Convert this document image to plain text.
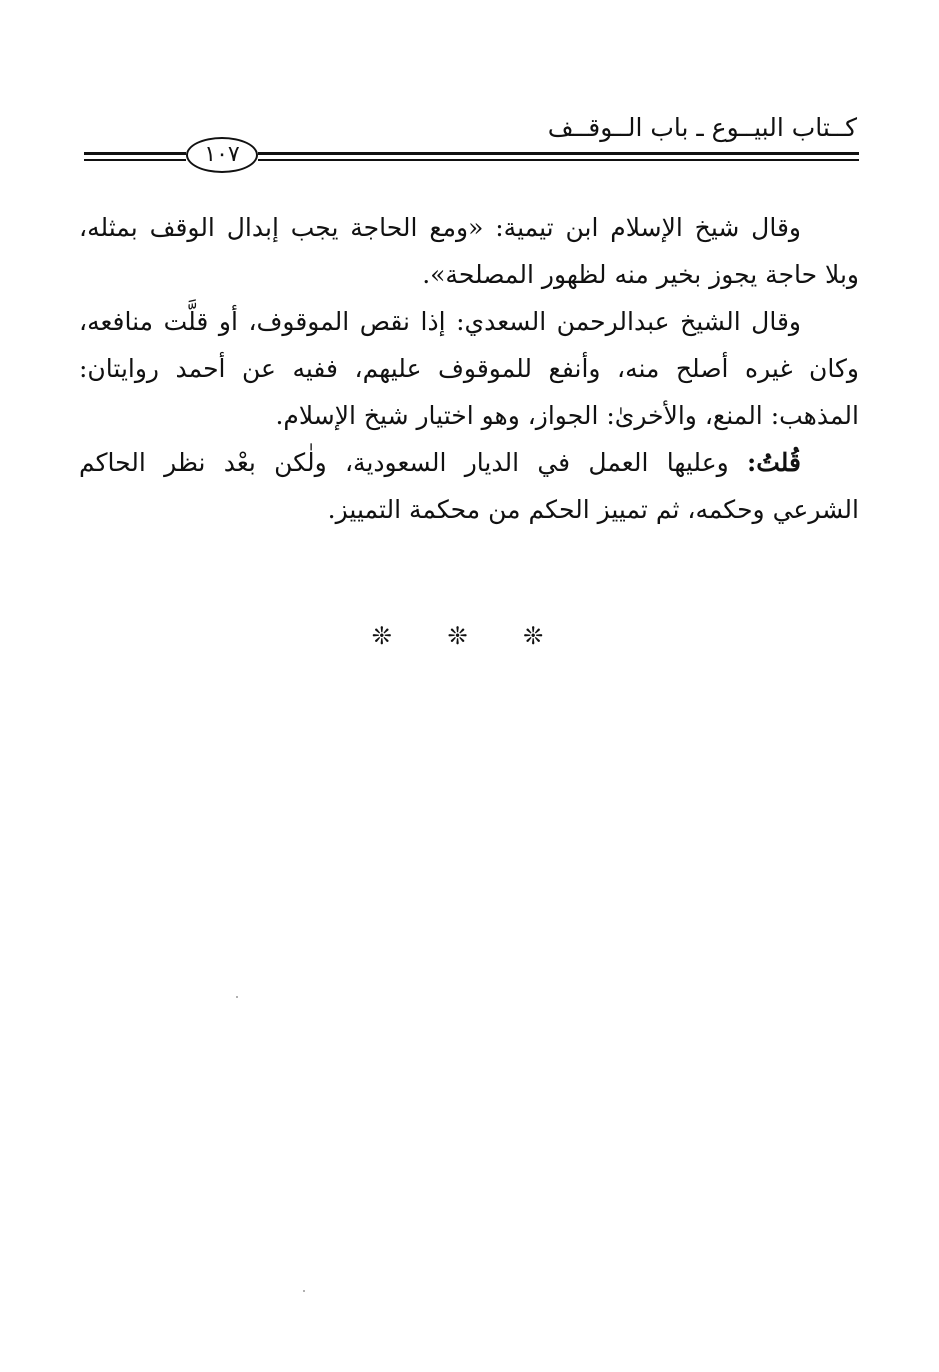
كــتاب البيــوع ـ باب الــوقــف
١٠٧

وقال شيخ الإسلام ابن تيمية: «ومع الحاجة يجب إبدال الوقف بمثله، وبلا حاجة يجوز بخير منه لظهور المصلحة».

وقال الشيخ عبدالرحمن السعدي: إذا نقص الموقوف، أو قلَّت منافعه، وكان غيره أصلح منه، وأنفع للموقوف عليهم، ففيه عن أحمد روايتان: المذهب: المنع، والأخرىٰ: الجواز، وهو اختيار شيخ الإسلام.

قُلتُ: وعليها العمل في الديار السعودية، ولٰكن بعْد نظر الحاكم الشرعي وحكمه، ثم تمييز الحكم من محكمة التمييز.

❊ ❊ ❊
